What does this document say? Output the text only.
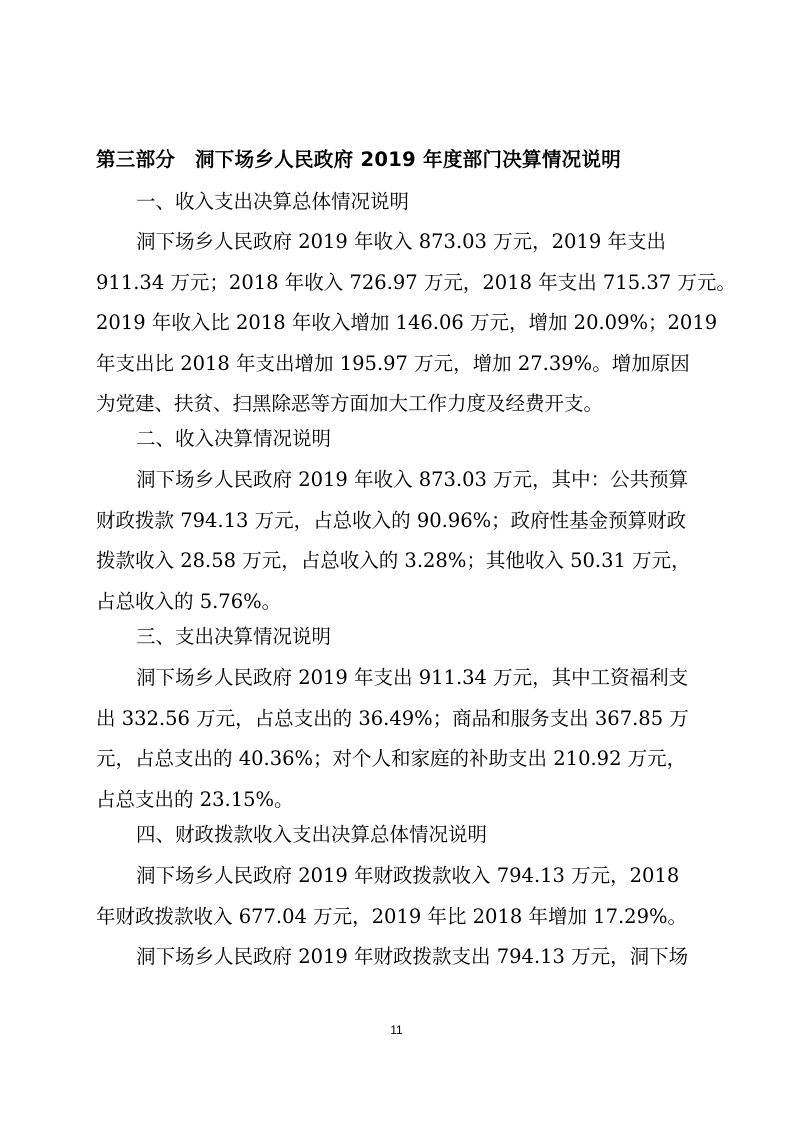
第三部分　洞下场乡人民政府 2019 年度部门决算情况说明
一、收入支出决算总体情况说明
洞下场乡人民政府 2019 年收入 873.03 万元，2019 年支出
911.34 万元；2018 年收入 726.97 万元，2018 年支出 715.37 万元。
2019 年收入比 2018 年收入增加 146.06 万元，增加 20.09%；2019
年支出比 2018 年支出增加 195.97 万元，增加 27.39%。增加原因
为党建、扶贫、扫黑除恶等方面加大工作力度及经费开支。
二、收入决算情况说明
洞下场乡人民政府 2019 年收入 873.03 万元，其中：公共预算
财政拨款 794.13 万元，占总收入的 90.96%；政府性基金预算财政
拨款收入 28.58 万元，占总收入的 3.28%；其他收入 50.31 万元，
占总收入的 5.76%。
三、支出决算情况说明
洞下场乡人民政府 2019 年支出 911.34 万元，其中工资福利支
出 332.56 万元，占总支出的 36.49%；商品和服务支出 367.85 万
元，占总支出的 40.36%；对个人和家庭的补助支出 210.92 万元，
占总支出的 23.15%。
四、财政拨款收入支出决算总体情况说明
洞下场乡人民政府 2019 年财政拨款收入 794.13 万元，2018
年财政拨款收入 677.04 万元，2019 年比 2018 年增加 17.29%。
洞下场乡人民政府 2019 年财政拨款支出 794.13 万元，洞下场
11
